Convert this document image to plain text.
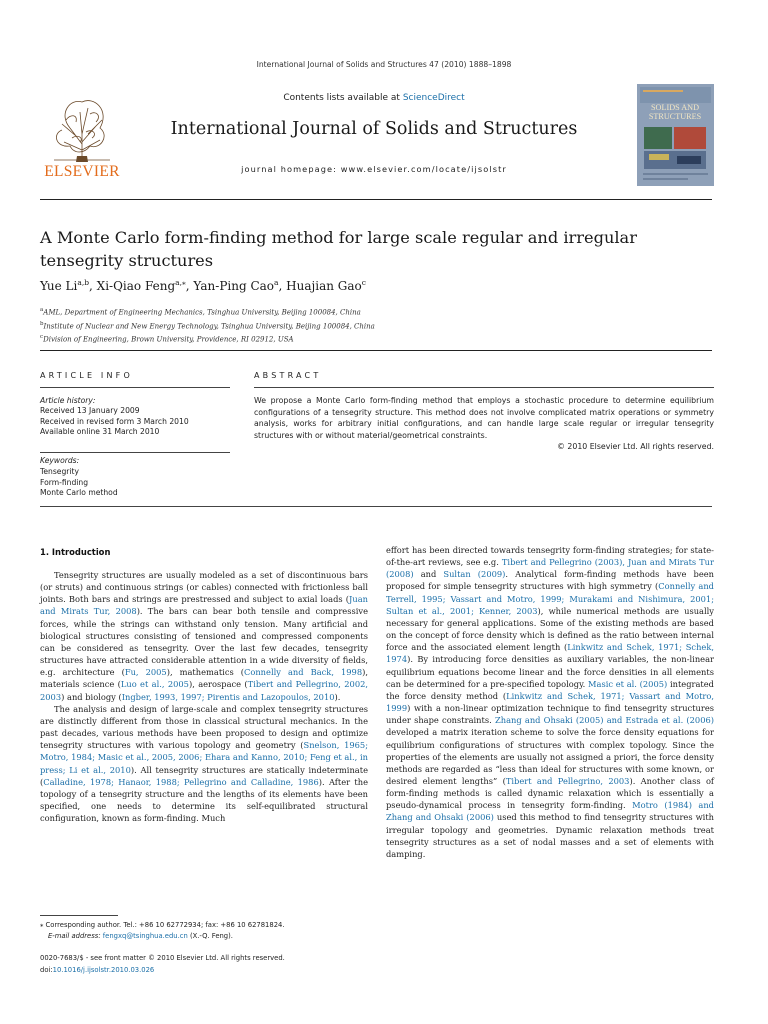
International Journal of Solids and Structures 47 (2010) 1888–1898
ELSEVIER
Contents lists available at ScienceDirect
International Journal of Solids and Structures
journal homepage: www.elsevier.com/locate/ijsolstr
SOLIDS AND
STRUCTURES
A Monte Carlo form-finding method for large scale regular and irregular tensegrity structures
Yue Li$^{a,b}$, Xi-Qiao Feng$^{a,⁎}$, Yan-Ping Cao$^a$, Huajian Gao$^c$
$^a$AML, Department of Engineering Mechanics, Tsinghua University, Beijing 100084, China
$^b$Institute of Nuclear and New Energy Technology, Tsinghua University, Beijing 100084, China
$^c$Division of Engineering, Brown University, Providence, RI 02912, USA
ARTICLE INFO
Article history:
Received 13 January 2009
Received in revised form 3 March 2010
Available online 31 March 2010
Keywords:
Tensegrity
Form-finding
Monte Carlo method
ABSTRACT
We propose a Monte Carlo form-finding method that employs a stochastic procedure to determine equilibrium configurations of a tensegrity structure. This method does not involve complicated matrix operations or symmetry analysis, works for arbitrary initial configurations, and can handle large scale regular or irregular tensegrity structures with or without material/geometrical constraints.
© 2010 Elsevier Ltd. All rights reserved.
1. Introduction

Tensegrity structures are usually modeled as a set of discontinuous bars (or struts) and continuous strings (or cables) connected with frictionless ball joints. Both bars and strings are prestressed and subject to axial loads (Juan and Mirats Tur, 2008). The bars can bear both tensile and compressive forces, while the strings can withstand only tension. Many artificial and biological structures consisting of tensioned and compressed components can be considered as tensegrity. Over the last few decades, tensegrity structures have attracted considerable attention in a wide diversity of fields, e.g. architecture (Fu, 2005), mathematics (Connelly and Back, 1998), materials science (Luo et al., 2005), aerospace (Tibert and Pellegrino, 2002, 2003) and biology (Ingber, 1993, 1997; Pirentis and Lazopoulos, 2010).

The analysis and design of large-scale and complex tensegrity structures are distinctly different from those in classical structural mechanics. In the past decades, various methods have been proposed to design and optimize tensegrity structures with various topology and geometry (Snelson, 1965; Motro, 1984; Masic et al., 2005, 2006; Ehara and Kanno, 2010; Feng et al., in press; Li et al., 2010). All tensegrity structures are statically indeterminate (Calladine, 1978; Hanaor, 1988; Pellegrino and Calladine, 1986). After the topology of a tensegrity structure and the lengths of its elements have been specified, one needs to determine its self-equilibrated structural configuration, known as form-finding. Much

effort has been directed towards tensegrity form-finding strategies; for state-of-the-art reviews, see e.g. Tibert and Pellegrino (2003), Juan and Mirats Tur (2008) and Sultan (2009). Analytical form-finding methods have been proposed for simple tensegrity structures with high symmetry (Connelly and Terrell, 1995; Vassart and Motro, 1999; Murakami and Nishimura, 2001; Sultan et al., 2001; Kenner, 2003), while numerical methods are usually necessary for general applications. Some of the existing methods are based on the concept of force density which is defined as the ratio between internal force and the associated element length (Linkwitz and Schek, 1971; Schek, 1974). By introducing force densities as auxiliary variables, the non-linear equilibrium equations become linear and the force densities in all elements can be determined for a pre-specified topology. Masic et al. (2005) integrated the force density method (Linkwitz and Schek, 1971; Vassart and Motro, 1999) with a non-linear optimization technique to find tensegrity structures under shape constraints. Zhang and Ohsaki (2005) and Estrada et al. (2006) developed a matrix iteration scheme to solve the force density equations for equilibrium configurations of structures with complex topology. Since the properties of the elements are usually not assigned a priori, the force density methods are regarded as “less than ideal for structures with some known, or desired element lengths” (Tibert and Pellegrino, 2003). Another class of form-finding methods is called dynamic relaxation which is essentially a pseudo-dynamical process in tensegrity form-finding. Motro (1984) and Zhang and Ohsaki (2006) used this method to find tensegrity structures with irregular topology and geometries. Dynamic relaxation methods treat tensegrity structures as a set of nodal masses and a set of elements with damping.

⁎ Corresponding author. Tel.: +86 10 62772934; fax: +86 10 62781824.
E-mail address: fengxq@tsinghua.edu.cn (X.-Q. Feng).
0020-7683/$ - see front matter © 2010 Elsevier Ltd. All rights reserved.
doi:10.1016/j.ijsolstr.2010.03.026
